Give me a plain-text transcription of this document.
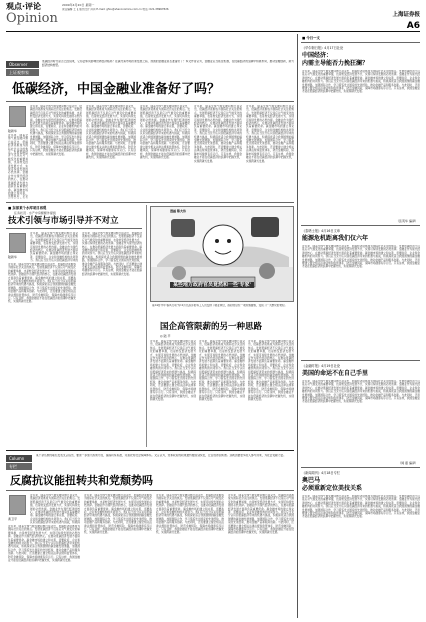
观点·评论
Opinion
2009年4月20日 星期一
责任编辑 王飞 版式设计 肖肖 E-mail: gfxu@sheconomics.com.cn 电话: 021-38967826
上海证券报
A6
Observer
上证观察家
低碳经济时代是否已经到来，它将会如何影响世界经济格局？在碳交易市场迅速发展之际，我国的金融业是否准备好了？本文作者认为，金融业应当抓住机遇，在低碳经济的浪潮中积极布局，推动金融创新，助力经济结构转型。
低碳经济，中国金融业准备好了吗？
陆新华
近年来，随着全球气候变暖问题日益突出，低碳经济逐渐成为国际社会关注的焦点。发展低碳经济不仅是应对气候变化的重要举措，也是转变经济发展方式、实现可持续发展的必然选择。金融业作为现代经济的核心，在推动低碳经济发展方面肩负着重要使命。碳金融市场的建立和完善，需要政府、企业和金融机构的共同努力。我们应当充分认识到低碳经济带来的机遇与挑战，积极探索适合我国国情的碳金融发展道路，加强国际合作，学习借鉴发达国家的先进经验，推动金融产品和服务创新。与此同时，还需要建立健全相关法律法规和监管体系，防范金融风险，保障市场健康有序运行。只有这样，我国金融业才能在低碳经济的浪潮中把握先机，实现跨越式发展。
近年来，随着全球气候变暖问题日益突出，低碳经济逐渐成为国际社会关注的焦点。发展低碳经济不仅是应对气候变化的重要举措，也是转变经济发展方式、实现可持续发展的必然选择。金融业作为现代经济的核心，在推动低碳经济发展方面肩负着重要使命。碳金融市场的建立和完善，需要政府、企业
近年来，随着全球气候变暖问题日益突出，低碳经济逐渐成为国际社会关注的焦点。发展低碳经济不仅是应对气候变化的重要举措，也是转变经济发展方式、实现可持续发展的必然选择。金融业作为现代经济的核心，在推动低碳经济发展方面肩负着重要使命。碳金融市场的建立和完善，需要政府、企业和金融机构的共同努力。我们应当充分认识到低碳经济带来的机遇与挑战，积极探索适合我国国情的碳金融发展道路，加强国际合作，学习借鉴发达国家的先进经验，推动金融产品和服务创新。与此同时，还需要建立健全相关法律法规和监管体系，防范金融风险，保障市场健康有序运行。只有这样，我国金融业才能在低碳经济的浪潮中把握先机，实现跨越式发展。
近年来，随着全球气候变暖问题日益突出，低碳经济逐渐成为国际社会关注的焦点。发展低碳经济不仅是应对气候变化的重要举措，也是转变经济发展方式、实现可持续发展的必然选择。金融业作为现代经济的核心，在推动低碳经济发展方面肩负着重要使命。碳金融市场的建立和完善，需要政府、企业和金融机构的共同努力。我们应当充分认识到低碳经济带来的机遇与挑战，积极探索适合我国国情的碳金融发展道路，加强国际合作，学习借鉴发达国家的先进经验，推动金融产品和服务创新。与此同时，还需要建立健全相关法律法规和监管体系，防范金融风险，保障市场健康有序运行。只有这样，我国金融业才能在低碳经济的浪潮中把握先机，实现跨越式发展。
近年来，随着全球气候变暖问题日益突出，低碳经济逐渐成为国际社会关注的焦点。发展低碳经济不仅是应对气候变化的重要举措，也是转变经济发展方式、实现可持续发展的必然选择。金融业作为现代经济的核心，在推动低碳经济发展方面肩负着重要使命。碳金融市场的建立和完善，需要政府、企业和金融机构的共同努力。我们应当充分认识到低碳经济带来的机遇与挑战，积极探索适合我国国情的碳金融发展道路，加强国际合作，学习借鉴发达国家的先进经验，推动金融产品和服务创新。与此同时，还需要建立健全相关法律法规和监管体系，防范金融风险，保障市场健康有序运行。只有这样，我国金融业才能在低碳经济的浪潮中把握先机，实现跨越式发展。
近年来，随着全球气候变暖问题日益突出，低碳经济逐渐成为国际社会关注的焦点。发展低碳经济不仅是应对气候变化的重要举措，也是转变经济发展方式、实现可持续发展的必然选择。金融业作为现代经济的核心，在推动低碳经济发展方面肩负着重要使命。碳金融市场的建立和完善，需要政府、企业和金融机构的共同努力。我们应当充分认识到低碳经济带来的机遇与挑战，积极探索适合我国国情的碳金融发展道路，加强国际合作，学习借鉴发达国家的先进经验，推动金融产品和服务创新。与此同时，还需要建立健全相关法律法规和监管体系，防范金融风险，保障市场健康有序运行。只有这样，我国金融业才能在低碳经济的浪潮中把握先机，实现跨越式发展。
■ 东部某个水库项目再观
任务状况 · 水产中房额额外提到
技术引领与市场引导并不对立
陆新华
近年来，随着全球气候变暖问题日益突出，低碳经济逐渐成为国际社会关注的焦点。发展低碳经济不仅是应对气候变化的重要举措，也是转变经济发展方式、实现可持续发展的必然选择。金融业作为现代经济的核心，在推动低碳经济发展方面肩负着重要使命。碳金融市场的建立和完善，需要政府、企业和金融机构的共同努力。我们应当充分认识到低碳经济带来的
近年来，随着全球气候变暖问题日益突出，低碳经济逐渐成为国际社会关注的焦点。发展低碳经济不仅是应对气候变化的重要举措，也是转变经济发展方式、实现可持续发展的必然选择。金融业作为现代经济的核心，在推动低碳经济发展方面肩负着重要使命。碳金融市场的建立和完善，需要政府、企业和金融机构的共同努力。我们应当充分认识到低碳经济带来的机遇与挑战，积极探索适合我国国情的碳金融发展道路，加强国际合作，学习借鉴发达国家的先进经验，推动金融产品和服务创新。与此同时，还需要建立健全相关法律法规和监管体系，防范金融风险，保障市场健康有序运行。只有这样，我国金融业才能在低碳经济的浪潮中把握先机，实现跨越式发展。
近年来，随着全球气候变暖问题日益突出，低碳经济逐渐成为国际社会关注的焦点。发展低碳经济不仅是应对气候变化的重要举措，也是转变经济发展方式、实现可持续发展的必然选择。金融业作为现代经济的核心，在推动低碳经济发展方面肩负着重要使命。碳金融市场的建立和完善，需要政府、企业和金融机构的共同努力。我们应当充分认识到低碳经济带来的机遇与挑战，积极探索适合我国国情的碳金融发展道路，加强国际合作，学习借鉴发达国家的先进经验，推动金融产品和服务创新。与此同时，还需要建立健全相关法律法规和监管体系，防范金融风险，保障市场健康有序运行。只有这样，我国金融业才能在低碳经济的浪潮中把握先机，实现跨越式发展。
漫画 陈大伟
某些地方政府官员竟然和一些'专家'
第14台今年'春风行动'为10万名返乡的务工人员安排了就业岗位，政府的这些一项实施措施，受到了广大群众的欢迎。
国企高管限薪的另一种思路
◎ 陆 平
近年来，随着全球气候变暖问题日益突出，低碳经济逐渐成为国际社会关注的焦点。发展低碳经济不仅是应对气候变化的重要举措，也是转变经济发展方式、实现可持续发展的必然选择。金融业作为现代经济的核心，在推动低碳经济发展方面肩负着重要使命。碳金融市场的建立和完善，需要政府、企业和金融机构的共同努力。我们应当充分认识到低碳经济带来的机遇与挑战，积极探索适合我国国情的碳金融发展道路，加强国际合作，学习借鉴发达国家的先进经验，推动金融产品和服务创新。与此同时，还需要建立健全相关法律法规和监管体系，防范金融风险，保障市场健康有序运行。只有这样，我国金融业才能在低碳经济的浪潮中把握先机，实现跨越式发展。
近年来，随着全球气候变暖问题日益突出，低碳经济逐渐成为国际社会关注的焦点。发展低碳经济不仅是应对气候变化的重要举措，也是转变经济发展方式、实现可持续发展的必然选择。金融业作为现代经济的核心，在推动低碳经济发展方面肩负着重要使命。碳金融市场的建立和完善，需要政府、企业和金融机构的共同努力。我们应当充分认识到低碳经济带来的机遇与挑战，积极探索适合我国国情的碳金融发展道路，加强国际合作，学习借鉴发达国家的先进经验，推动金融产品和服务创新。与此同时，还需要建立健全相关法律法规和监管体系，防范金融风险，保障市场健康有序运行。只有这样，我国金融业才能在低碳经济的浪潮中把握先机，实现跨越式发展。
近年来，随着全球气候变暖问题日益突出，低碳经济逐渐成为国际社会关注的焦点。发展低碳经济不仅是应对气候变化的重要举措，也是转变经济发展方式、实现可持续发展的必然选择。金融业作为现代经济的核心，在推动低碳经济发展方面肩负着重要使命。碳金融市场的建立和完善，需要政府、企业和金融机构的共同努力。我们应当充分认识到低碳经济带来的机遇与挑战，积极探索适合我国国情的碳金融发展道路，加强国际合作，学习借鉴发达国家的先进经验，推动金融产品和服务创新。与此同时，还需要建立健全相关法律法规和监管体系，防范金融风险，保障市场健康有序运行。只有这样，我国金融业才能在低碳经济的浪潮中把握先机，实现跨越式发展。
Column
专栏
某十余名教授联名发表文章指出，要进一步加大政策力度，提高扶贫标准，完善农村社会保障体系。文章认为，党和政府的政策最终要落到实处，让百姓得到实惠。这就需要更多的人参与进来，为社会贡献力量。
反腐抗议能扭转共和党颓势吗
黄卫平
近年来，随着全球气候变暖问题日益突出，低碳经济逐渐成为国际社会关注的焦点。发展低碳经济不仅是应对气候变化的重要举措，也是转变经济发展方式、实现可持续发展的必然选择。金融业作为现代经济的核心，在推动低碳经济发展方面肩负着重要使命。碳金融市场的建立和完善，需要政府、企业和金融机构的共同努力。我们应当充分认识到低碳经济带来的机遇与挑战，积极探
近年来，随着全球气候变暖问题日益突出，低碳经济逐渐成为国际社会关注的焦点。发展低碳经济不仅是应对气候变化的重要举措，也是转变经济发展方式、实现可持续发展的必然选择。金融业作为现代经济的核心，在推动低碳经济发展方面肩负着重要使命。碳金融市场的建立和完善，需要政府、企业和金融机构的共同努力。我们应当充分认识到低碳经济带来的机遇与挑战，积极探索适合我国国情的碳金融发展道路，加强国际合作，学习借鉴发达国家的先进经验，推动金融产品和服务创新。与此同时，还需要建立健全相关法律法规和监管体系，防范金融风险，保障市场健康有序运行。只有这样，我国金融业才能在低碳经济的浪潮中把握先机，实现跨越式发展。
近年来，随着全球气候变暖问题日益突出，低碳经济逐渐成为国际社会关注的焦点。发展低碳经济不仅是应对气候变化的重要举措，也是转变经济发展方式、实现可持续发展的必然选择。金融业作为现代经济的核心，在推动低碳经济发展方面肩负着重要使命。碳金融市场的建立和完善，需要政府、企业和金融机构的共同努力。我们应当充分认识到低碳经济带来的机遇与挑战，积极探索适合我国国情的碳金融发展道路，加强国际合作，学习借鉴发达国家的先进经验，推动金融产品和服务创新。与此同时，还需要建立健全相关法律法规和监管体系，防范金融风险，保障市场健康有序运行。只有这样，我国金融业才能在低碳经济的浪潮中把握先机，实现跨越式发展。
近年来，随着全球气候变暖问题日益突出，低碳经济逐渐成为国际社会关注的焦点。发展低碳经济不仅是应对气候变化的重要举措，也是转变经济发展方式、实现可持续发展的必然选择。金融业作为现代经济的核心，在推动低碳经济发展方面肩负着重要使命。碳金融市场的建立和完善，需要政府、企业和金融机构的共同努力。我们应当充分认识到低碳经济带来的机遇与挑战，积极探索适合我国国情的碳金融发展道路，加强国际合作，学习借鉴发达国家的先进经验，推动金融产品和服务创新。与此同时，还需要建立健全相关法律法规和监管体系，防范金融风险，保障市场健康有序运行。只有这样，我国金融业才能在低碳经济的浪潮中把握先机，实现跨越式发展。
近年来，随着全球气候变暖问题日益突出，低碳经济逐渐成为国际社会关注的焦点。发展低碳经济不仅是应对气候变化的重要举措，也是转变经济发展方式、实现可持续发展的必然选择。金融业作为现代经济的核心，在推动低碳经济发展方面肩负着重要使命。碳金融市场的建立和完善，需要政府、企业和金融机构的共同努力。我们应当充分认识到低碳经济带来的机遇与挑战，积极探索适合我国国情的碳金融发展道路，加强国际合作，学习借鉴发达国家的先进经验，推动金融产品和服务创新。与此同时，还需要建立健全相关法律法规和监管体系，防范金融风险，保障市场健康有序运行。只有这样，我国金融业才能在低碳经济的浪潮中把握先机，实现跨越式发展。
■ 今日一文
《华尔街日报》4月17日社论
中国经济：
内需主导能否力挽狂澜？
近年来，随着全球气候变暖问题日益突出，低碳经济逐渐成为国际社会关注的焦点。发展低碳经济不仅是应对气候变化的重要举措，也是转变经济发展方式、实现可持续发展的必然选择。金融业作为现代经济的核心，在推动低碳经济发展方面肩负着重要使命。碳金融市场的建立和完善，需要政府、企业和金融机构的共同努力。我们应当充分认识到低碳经济带来的机遇与挑战，积极探索适合我国国情的碳金融发展道路，加强国际合作，学习借鉴发达国家的先进经验，推动金融产品和服务创新。与此同时，还需要建立健全相关法律法规和监管体系，防范金融风险，保障市场健康有序运行。只有这样，我国金融业才能在低碳经济的浪潮中把握先机，实现跨越式发展。
（张英华 编译）
《泰晤士报》4月16日文章
能源危机距离我们仅六年
近年来，随着全球气候变暖问题日益突出，低碳经济逐渐成为国际社会关注的焦点。发展低碳经济不仅是应对气候变化的重要举措，也是转变经济发展方式、实现可持续发展的必然选择。金融业作为现代经济的核心，在推动低碳经济发展方面肩负着重要使命。碳金融市场的建立和完善，需要政府、企业和金融机构的共同努力。我们应当充分认识到低碳经济带来的机遇与挑战，积极探索适合我国国情的碳金融发展道路，加强国际合作，学习借鉴发达国家的先进经验，推动金融产品和服务创新。与此同时，还需要建立健全相关法律法规和监管体系，防范金融风险，保障市场健康有序运行。只有这样，我国金融业才能在低碳经济的浪潮中把握先机，实现跨越式发展。
《金融时报》4月19日社论
美国的命运不在自己手里
近年来，随着全球气候变暖问题日益突出，低碳经济逐渐成为国际社会关注的焦点。发展低碳经济不仅是应对气候变化的重要举措，也是转变经济发展方式、实现可持续发展的必然选择。金融业作为现代经济的核心，在推动低碳经济发展方面肩负着重要使命。碳金融市场的建立和完善，需要政府、企业和金融机构的共同努力。我们应当充分认识到低碳经济带来的机遇与挑战，积极探索适合我国国情的碳金融发展道路，加强国际合作，学习借鉴发达国家的先进经验，推动金融产品和服务创新。与此同时，还需要建立健全相关法律法规和监管体系，防范金融风险，保障市场健康有序运行。只有这样，我国金融业才能在低碳经济的浪潮中把握先机，实现跨越式发展。
（闻 嘉 编译）
《新闻周刊》4月18日专栏
奥巴马
必须重新定位美技关系
近年来，随着全球气候变暖问题日益突出，低碳经济逐渐成为国际社会关注的焦点。发展低碳经济不仅是应对气候变化的重要举措，也是转变经济发展方式、实现可持续发展的必然选择。金融业作为现代经济的核心，在推动低碳经济发展方面肩负着重要使命。碳金融市场的建立和完善，需要政府、企业和金融机构的共同努力。我们应当充分认识到低碳经济带来的机遇与挑战，积极探索适合我国国情的碳金融发展道路，加强国际合作，学习借鉴发达国家的先进经验，推动金融产品和服务创新。与此同时，还需要建立健全相关法律法规和监管体系，防范金融风险，保障市场健康有序运行。只有这样，我国金融业才能在低碳经济的浪潮中把握先机，实现跨越式发展。
